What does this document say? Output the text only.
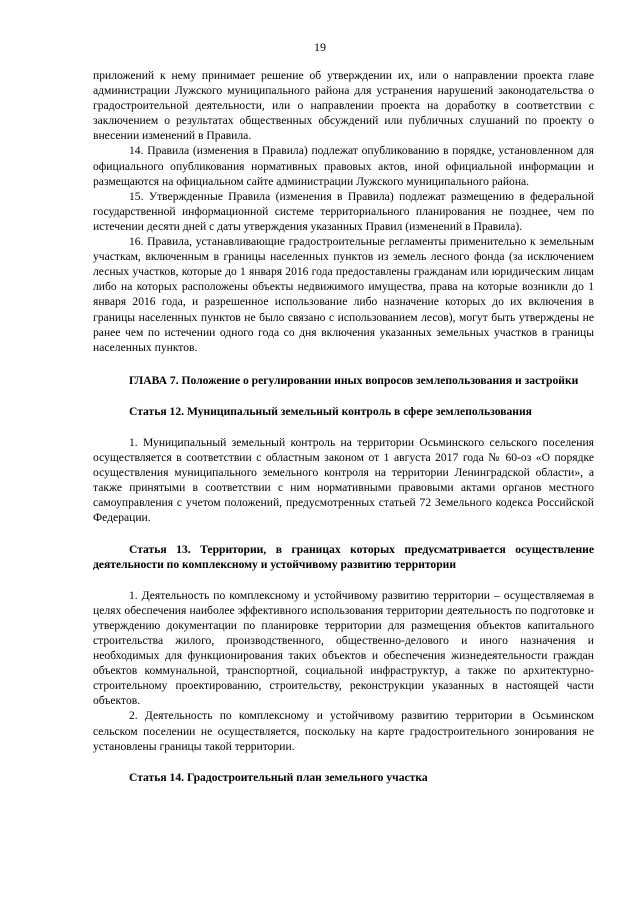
19

приложений к нему принимает решение об утверждении их, или о направлении проекта главе администрации Лужского муниципального района для устранения нарушений законодательства о градостроительной деятельности, или о направлении проекта на доработку в соответствии с заключением о результатах общественных обсуждений или публичных слушаний по проекту о внесении изменений в Правила.

14. Правила (изменения в Правила) подлежат опубликованию в порядке, установленном для официального опубликования нормативных правовых актов, иной официальной информации и размещаются на официальном сайте администрации Лужского муниципального района.

15. Утвержденные Правила (изменения в Правила) подлежат размещению в федеральной государственной информационной системе территориального планирования не позднее, чем по истечении десяти дней с даты утверждения указанных Правил (изменений в Правила).

16. Правила, устанавливающие градостроительные регламенты применительно к земельным участкам, включенным в границы населенных пунктов из земель лесного фонда (за исключением лесных участков, которые до 1 января 2016 года предоставлены гражданам или юридическим лицам либо на которых расположены объекты недвижимого имущества, права на которые возникли до 1 января 2016 года, и разрешенное использование либо назначение которых до их включения в границы населенных пунктов не было связано с использованием лесов), могут быть утверждены не ранее чем по истечении одного года со дня включения указанных земельных участков в границы населенных пунктов.

ГЛАВА 7. Положение о регулировании иных вопросов землепользования и застройки

Статья 12. Муниципальный земельный контроль в сфере землепользования

1. Муниципальный земельный контроль на территории Осьминского сельского поселения осуществляется в соответствии с областным законом от 1 августа 2017 года № 60-оз «О порядке осуществления муниципального земельного контроля на территории Ленинградской области», а также принятыми в соответствии с ним нормативными правовыми актами органов местного самоуправления с учетом положений, предусмотренных статьей 72 Земельного кодекса Российской Федерации.

Статья 13. Территории, в границах которых предусматривается осуществление деятельности по комплексному и устойчивому развитию территории

1. Деятельность по комплексному и устойчивому развитию территории – осуществляемая в целях обеспечения наиболее эффективного использования территории деятельность по подготовке и утверждению документации по планировке территории для размещения объектов капитального строительства жилого, производственного, общественно-делового и иного назначения и необходимых для функционирования таких объектов и обеспечения жизнедеятельности граждан объектов коммунальной, транспортной, социальной инфраструктур, а также по архитектурно-строительному проектированию, строительству, реконструкции указанных в настоящей части объектов.

2. Деятельность по комплексному и устойчивому развитию территории в Осьминском сельском поселении не осуществляется, поскольку на карте градостроительного зонирования не установлены границы такой территории.

Статья 14. Градостроительный план земельного участка
